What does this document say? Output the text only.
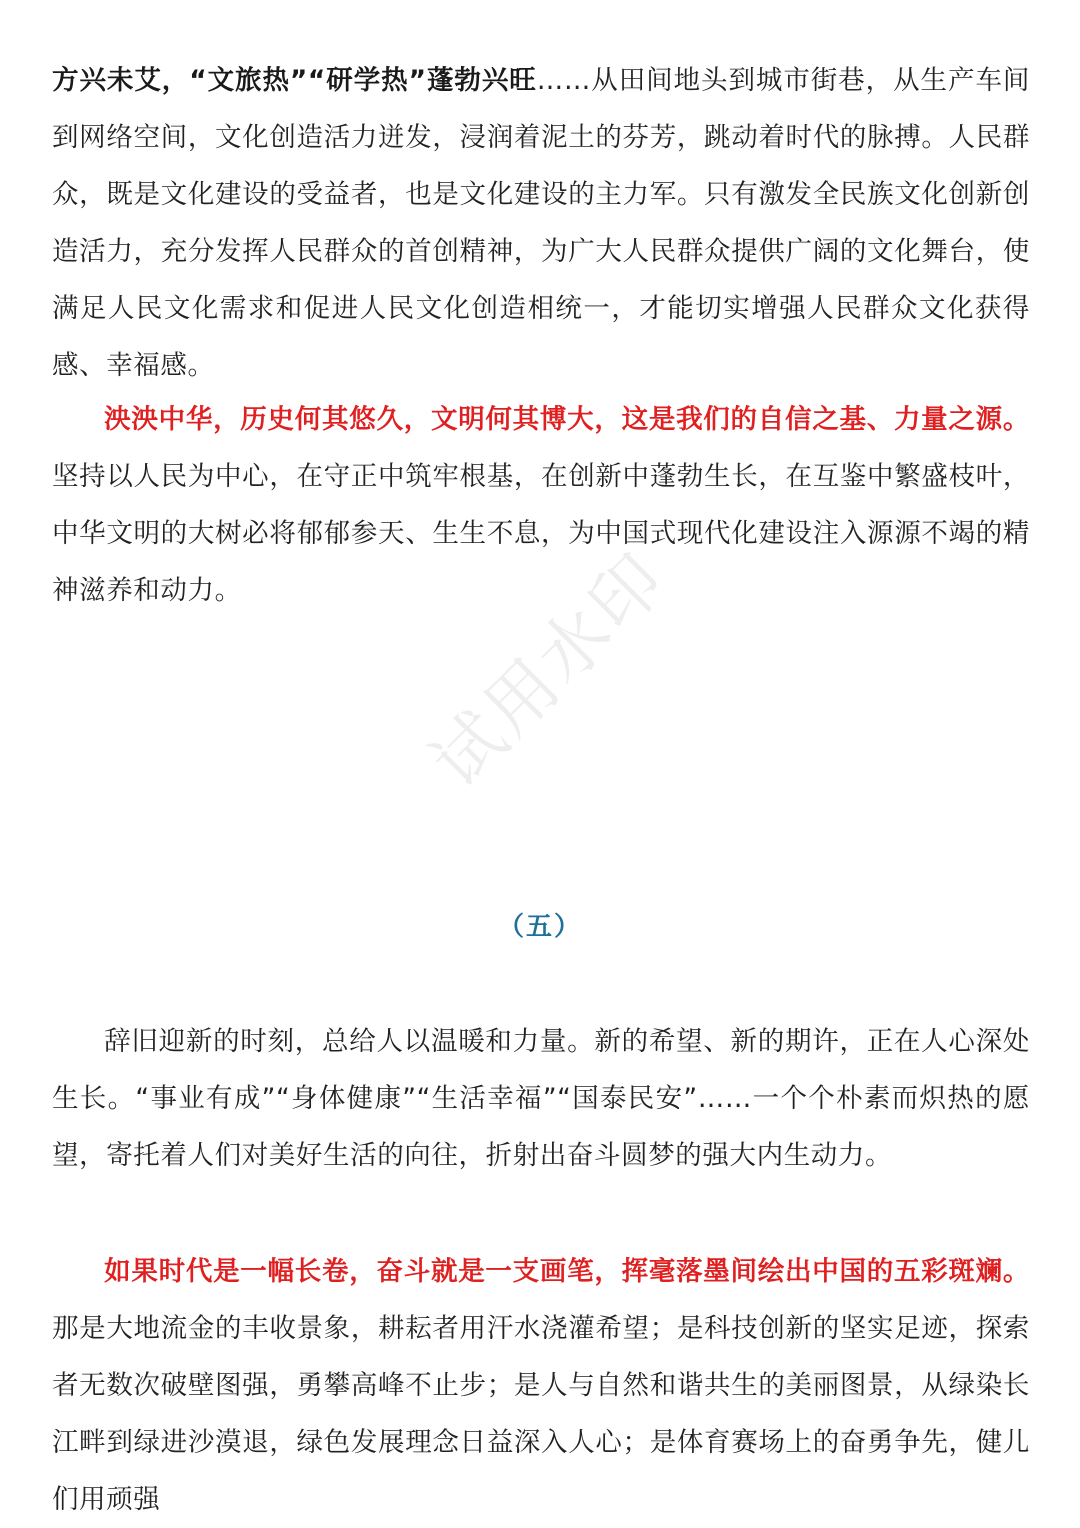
方兴未艾，“文旅热”“研学热”蓬勃兴旺……从田间地头到城市街巷，从生产车间到网络空间，文化创造活力迸发，浸润着泥土的芬芳，跳动着时代的脉搏。人民群众，既是文化建设的受益者，也是文化建设的主力军。只有激发全民族文化创新创造活力，充分发挥人民群众的首创精神，为广大人民群众提供广阔的文化舞台，使满足人民文化需求和促进人民文化创造相统一，才能切实增强人民群众文化获得感、幸福感。

泱泱中华，历史何其悠久，文明何其博大，这是我们的自信之基、力量之源。坚持以人民为中心，在守正中筑牢根基，在创新中蓬勃生长，在互鉴中繁盛枝叶，中华文明的大树必将郁郁参天、生生不息，为中国式现代化建设注入源源不竭的精神滋养和动力。	试用水印
（五）

辞旧迎新的时刻，总给人以温暖和力量。新的希望、新的期许，正在人心深处生长。“事业有成”“身体健康”“生活幸福”“国泰民安”……一个个朴素而炽热的愿望，寄托着人们对美好生活的向往，折射出奋斗圆梦的强大内生动力。

如果时代是一幅长卷，奋斗就是一支画笔，挥毫落墨间绘出中国的五彩斑斓。那是大地流金的丰收景象，耕耘者用汗水浇灌希望；是科技创新的坚实足迹，探索者无数次破壁图强，勇攀高峰不止步；是人与自然和谐共生的美丽图景，从绿染长江畔到绿进沙漠退，绿色发展理念日益深入人心；是体育赛场上的奋勇争先，健儿们用顽强
